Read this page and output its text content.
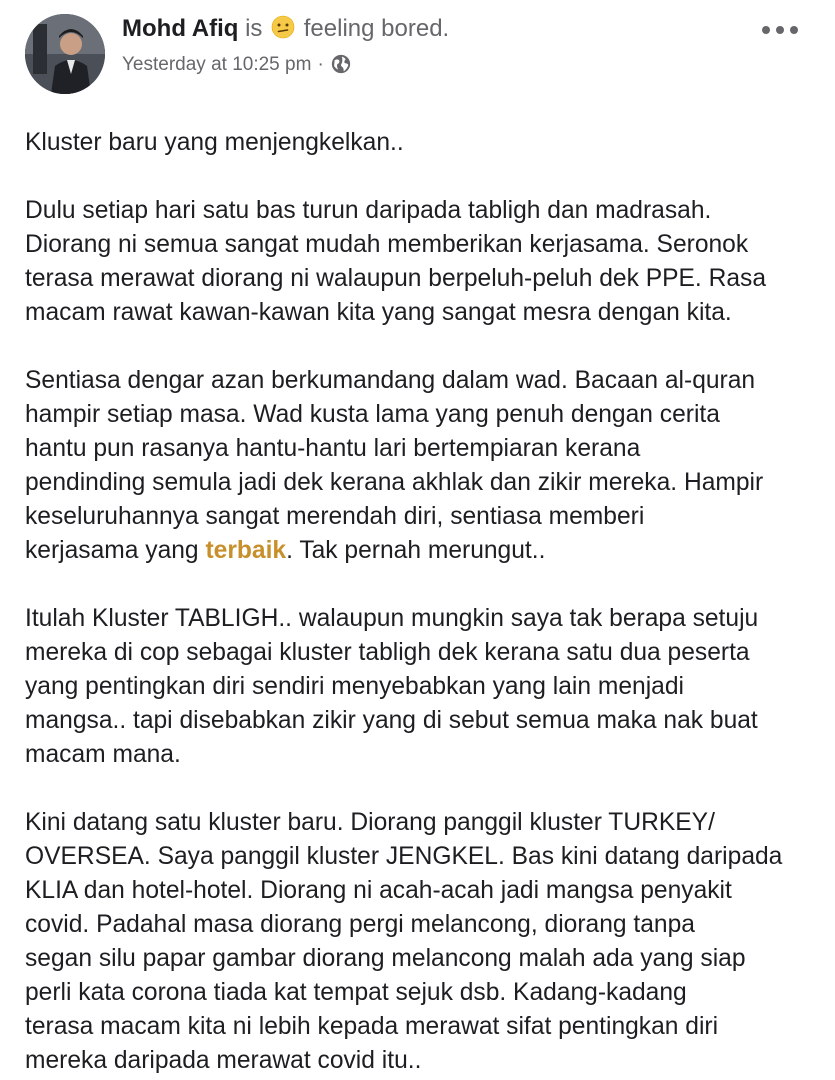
Mohd Afiq is feeling bored.
Yesterday at 10:25 pm ·

Kluster baru yang menjengkelkan..

Dulu setiap hari satu bas turun daripada tabligh dan madrasah.
Diorang ni semua sangat mudah memberikan kerjasama. Seronok
terasa merawat diorang ni walaupun berpeluh-peluh dek PPE. Rasa
macam rawat kawan-kawan kita yang sangat mesra dengan kita.

Sentiasa dengar azan berkumandang dalam wad. Bacaan al-quran
hampir setiap masa. Wad kusta lama yang penuh dengan cerita
hantu pun rasanya hantu-hantu lari bertempiaran kerana
pendinding semula jadi dek kerana akhlak dan zikir mereka. Hampir
keseluruhannya sangat merendah diri, sentiasa memberi
kerjasama yang terbaik. Tak pernah merungut..

Itulah Kluster TABLIGH.. walaupun mungkin saya tak berapa setuju
mereka di cop sebagai kluster tabligh dek kerana satu dua peserta
yang pentingkan diri sendiri menyebabkan yang lain menjadi
mangsa.. tapi disebabkan zikir yang di sebut semua maka nak buat
macam mana.

Kini datang satu kluster baru. Diorang panggil kluster TURKEY/
OVERSEA. Saya panggil kluster JENGKEL. Bas kini datang daripada
KLIA dan hotel-hotel. Diorang ni acah-acah jadi mangsa penyakit
covid. Padahal masa diorang pergi melancong, diorang tanpa
segan silu papar gambar diorang melancong malah ada yang siap
perli kata corona tiada kat tempat sejuk dsb. Kadang-kadang
terasa macam kita ni lebih kepada merawat sifat pentingkan diri
mereka daripada merawat covid itu..
